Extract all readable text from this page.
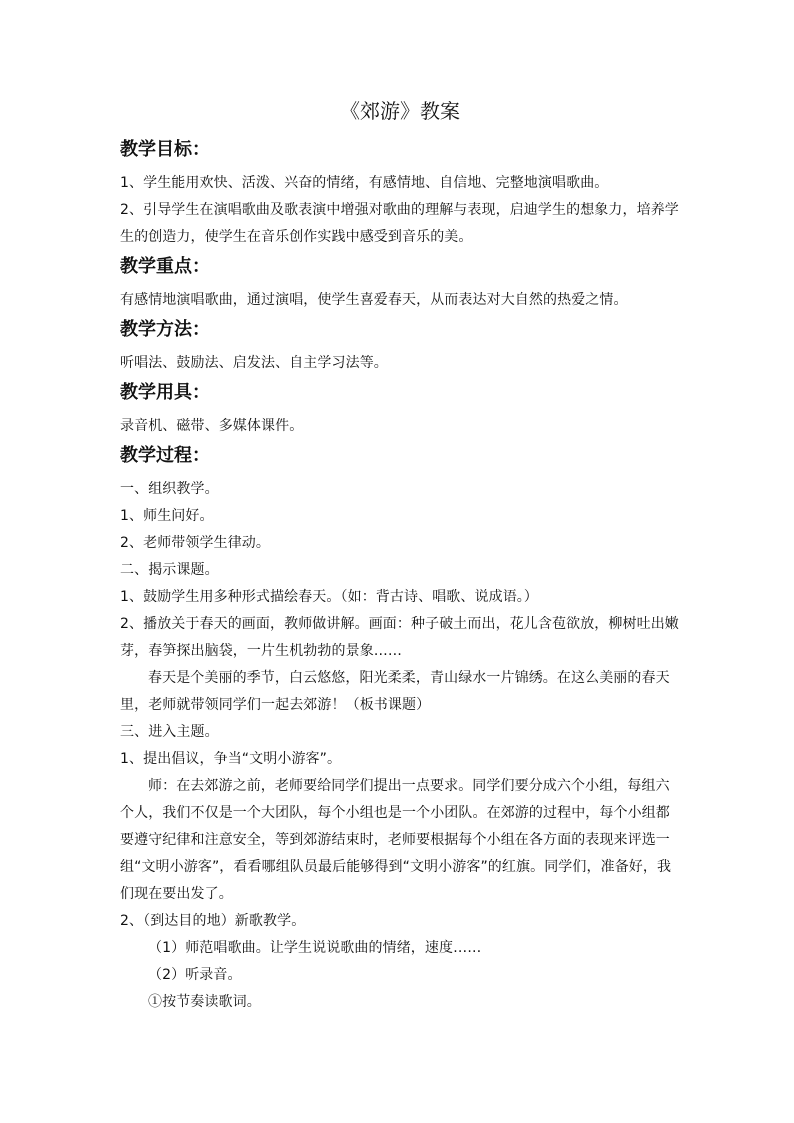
《郊游》教案
教学目标：

1、学生能用欢快、活泼、兴奋的情绪，有感情地、自信地、完整地演唱歌曲。

2、引导学生在演唱歌曲及歌表演中增强对歌曲的理解与表现，启迪学生的想象力，培养学生的创造力，使学生在音乐创作实践中感受到音乐的美。

教学重点：

有感情地演唱歌曲，通过演唱，使学生喜爱春天，从而表达对大自然的热爱之情。

教学方法：

听唱法、鼓励法、启发法、自主学习法等。

教学用具：

录音机、磁带、多媒体课件。

教学过程：

一、组织教学。

1、师生问好。

2、老师带领学生律动。

二、揭示课题。

1、鼓励学生用多种形式描绘春天。（如：背古诗、唱歌、说成语。）

2、播放关于春天的画面，教师做讲解。画面：种子破土而出，花儿含苞欲放，柳树吐出嫩芽，春笋探出脑袋，一片生机勃勃的景象……

春天是个美丽的季节，白云悠悠，阳光柔柔，青山绿水一片锦绣。在这么美丽的春天里，老师就带领同学们一起去郊游！（板书课题）

三、进入主题。

1、提出倡议，争当“文明小游客”。

师：在去郊游之前，老师要给同学们提出一点要求。同学们要分成六个小组，每组六个人，我们不仅是一个大团队，每个小组也是一个小团队。在郊游的过程中，每个小组都要遵守纪律和注意安全，等到郊游结束时，老师要根据每个小组在各方面的表现来评选一组“文明小游客”，看看哪组队员最后能够得到“文明小游客”的红旗。同学们，准备好，我们现在要出发了。

2、（到达目的地）新歌教学。

（1）师范唱歌曲。让学生说说歌曲的情绪，速度……

（2）听录音。

①按节奏读歌词。
